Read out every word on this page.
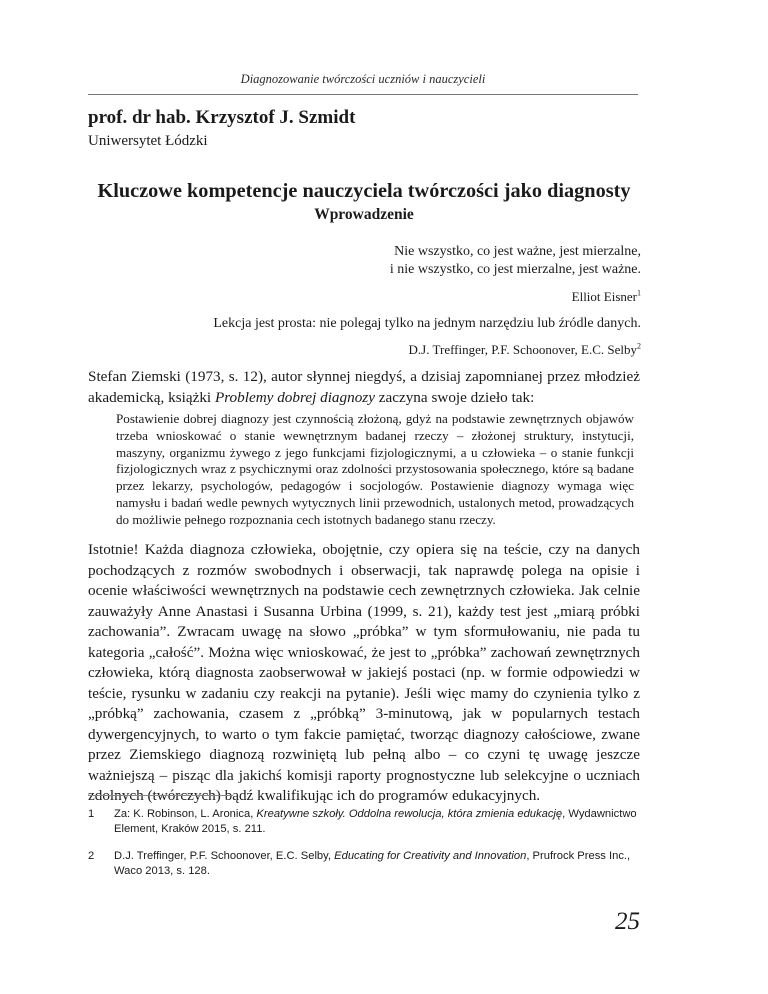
Diagnozowanie twórczości uczniów i nauczycieli
prof. dr hab. Krzysztof J. Szmidt
Uniwersytet Łódzki
Kluczowe kompetencje nauczyciela twórczości jako diagnosty
Wprowadzenie
Nie wszystko, co jest ważne, jest mierzalne,
i nie wszystko, co jest mierzalne, jest ważne.
Elliot Eisner$^1$
Lekcja jest prosta: nie polegaj tylko na jednym narzędziu lub źródle danych.
D.J. Treffinger, P.F. Schoonover, E.C. Selby$^2$
Stefan Ziemski (1973, s. 12), autor słynnej niegdyś, a dzisiaj zapomnianej przez młodzież akademicką, książki Problemy dobrej diagnozy zaczyna swoje dzieło tak:
Postawienie dobrej diagnozy jest czynnością złożoną, gdyż na podstawie zewnętrznych objawów trzeba wnioskować o stanie wewnętrznym badanej rzeczy – złożonej struktury, instytucji, maszyny, organizmu żywego z jego funkcjami fizjologicznymi, a u człowieka – o stanie funkcji fizjologicznych wraz z psychicznymi oraz zdolności przystosowania społecznego, które są badane przez lekarzy, psychologów, pedagogów i socjologów. Postawienie diagnozy wymaga więc namysłu i badań wedle pewnych wytycznych linii przewodnich, ustalonych metod, prowadzących do możliwie pełnego rozpoznania cech istotnych badanego stanu rzeczy.
Istotnie! Każda diagnoza człowieka, obojętnie, czy opiera się na teście, czy na danych pochodzących z rozmów swobodnych i obserwacji, tak naprawdę polega na opisie i ocenie właściwości wewnętrznych na podstawie cech zewnętrznych człowieka. Jak celnie zauważyły Anne Anastasi i Susanna Urbina (1999, s. 21), każdy test jest „miarą próbki zachowania”. Zwracam uwagę na słowo „próbka” w tym sformułowaniu, nie pada tu kategoria „całość”. Można więc wnioskować, że jest to „próbka” zachowań zewnętrznych człowieka, którą diagnosta zaobserwował w jakiejś postaci (np. w formie odpowiedzi w teście, rysunku w zadaniu czy reakcji na pytanie). Jeśli więc mamy do czynienia tylko z „próbką” zachowania, czasem z „próbką” 3-minutową, jak w popularnych testach dywergencyjnych, to warto o tym fakcie pamiętać, tworząc diagnozy całościowe, zwane przez Ziemskiego diagnozą rozwiniętą lub pełną albo – co czyni tę uwagę jeszcze ważniejszą – pisząc dla jakichś komisji raporty prognostyczne lub selekcyjne o uczniach zdolnych (twórczych) bądź kwalifikując ich do programów edukacyjnych.
1 Za: K. Robinson, L. Aronica, Kreatywne szkoły. Oddolna rewolucja, która zmienia edukację, Wydawnictwo Element, Kraków 2015, s. 211.
2 D.J. Treffinger, P.F. Schoonover, E.C. Selby, Educating for Creativity and Innovation, Prufrock Press Inc., Waco 2013, s. 128.
25
